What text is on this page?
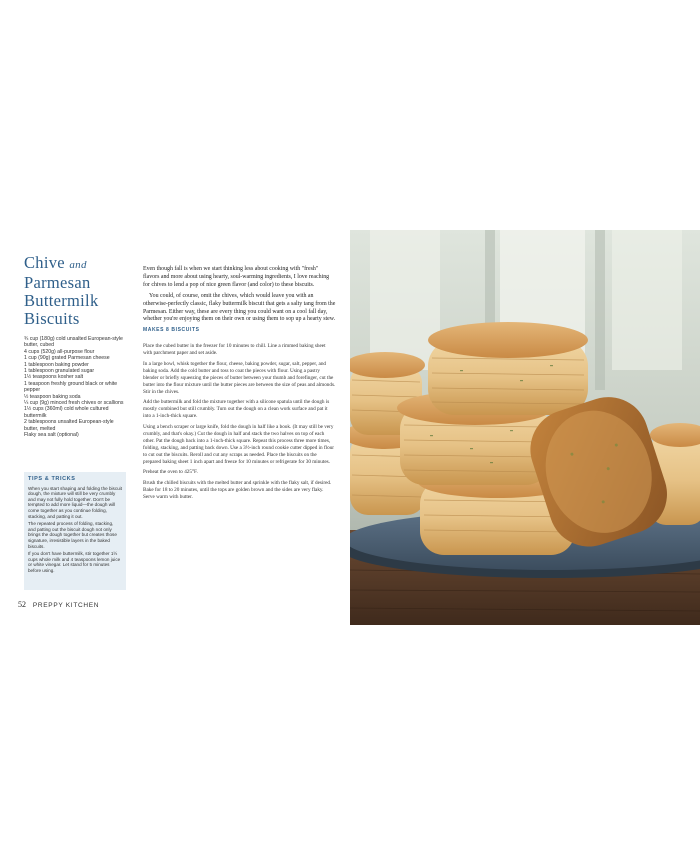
Chive and
Parmesan
Buttermilk
Biscuits
¾ cup (180g) cold unsalted European-style butter, cubed
4 cups (520g) all-purpose flour
1 cup (90g) grated Parmesan cheese
1 tablespoon baking powder
1 tablespoon granulated sugar
1½ teaspoons kosher salt
1 teaspoon freshly ground black or white pepper
½ teaspoon baking soda
¼ cup (9g) minced fresh chives or scallions
1½ cups (360ml) cold whole cultured buttermilk
2 tablespoons unsalted European-style butter, melted
Flaky sea salt (optional)
TIPS & TRICKS

When you start shaping and folding the biscuit dough, the mixture will still be very crumbly and may not fully hold together. Don't be tempted to add more liquid—the dough will come together as you continue folding, stacking, and patting it out.

The repeated process of folding, stacking, and patting out the biscuit dough not only brings the dough together but creates those signature, irresistible layers in the baked biscuits.

If you don't have buttermilk, stir together 1½ cups whole milk and 4 teaspoons lemon juice or white vinegar. Let stand for 5 minutes before using.

52 PREPPY KITCHEN

Even though fall is when we start thinking less about cooking with "fresh" flavors and more about using hearty, soul-warming ingredients, I love reaching for chives to lend a pop of nice green flavor (and color) to these biscuits.

You could, of course, omit the chives, which would leave you with an otherwise-perfectly classic, flaky buttermilk biscuit that gets a salty tang from the Parmesan. Either way, these are every thing you could want on a cool fall day, whether you're enjoying them on their own or using them to sop up a hearty stew.

MAKES 8 BISCUITS

Place the cubed butter in the freezer for 10 minutes to chill. Line a rimmed baking sheet with parchment paper and set aside.

In a large bowl, whisk together the flour, cheese, baking powder, sugar, salt, pepper, and baking soda. Add the cold butter and toss to coat the pieces with flour. Using a pastry blender or briefly squeezing the pieces of butter between your thumb and forefinger, cut the butter into the flour mixture until the butter pieces are between the size of peas and almonds. Stir in the chives.

Add the buttermilk and fold the mixture together with a silicone spatula until the dough is mostly combined but still crumbly. Turn out the dough on a clean work surface and pat it into a 1-inch-thick square.

Using a bench scraper or large knife, fold the dough in half like a book. (It may still be very crumbly, and that's okay.) Cut the dough in half and stack the two halves on top of each other. Pat the dough back into a 1-inch-thick square. Repeat this process three more times, folding, stacking, and patting back down. Use a 3½-inch round cookie cutter dipped in flour to cut out the biscuits. Reroll and cut any scraps as needed. Place the biscuits on the prepared baking sheet 1 inch apart and freeze for 10 minutes or refrigerate for 30 minutes.

Preheat the oven to 425°F.

Brush the chilled biscuits with the melted butter and sprinkle with the flaky salt, if desired. Bake for 18 to 20 minutes, until the tops are golden brown and the sides are very flaky. Serve warm with butter.
